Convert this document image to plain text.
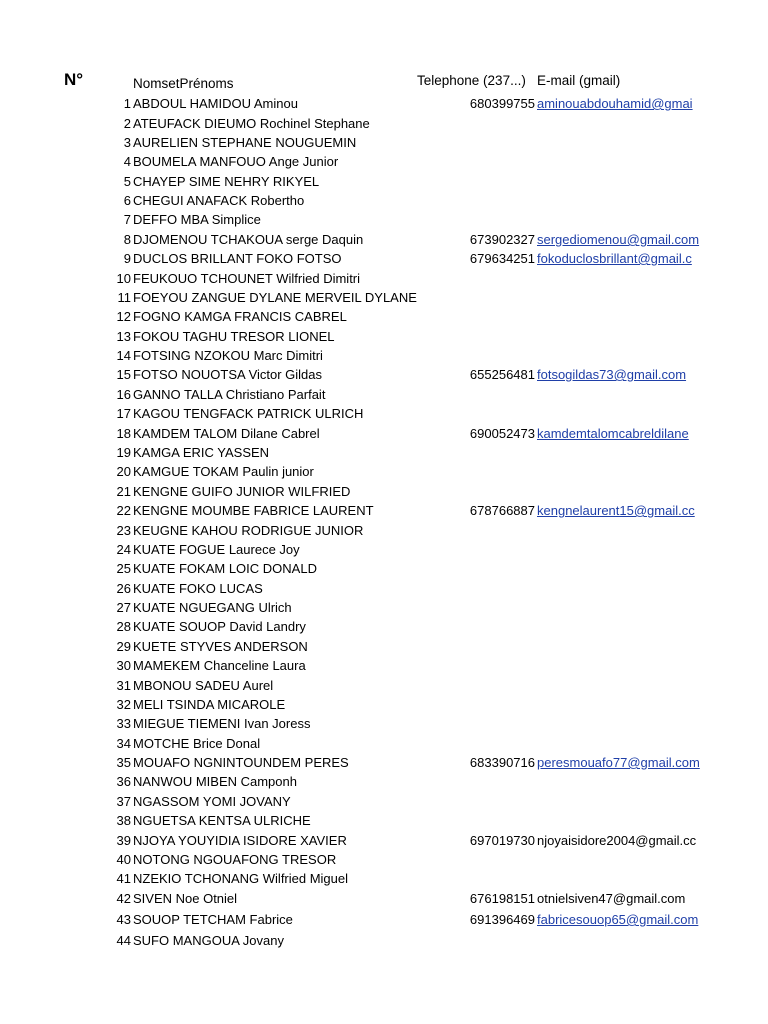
N°	NomsetPrénoms	Telephone (237...) E-mail (gmail)
1 ABDOUL HAMIDOU Aminou	680399755 aminouabdouhamid@gmai
2 ATEUFACK DIEUMO Rochinel Stephane
3 AURELIEN STEPHANE NOUGUEMIN
4 BOUMELA MANFOUO Ange Junior
5 CHAYEP SIME NEHRY RIKYEL
6 CHEGUI ANAFACK Robertho
7 DEFFO MBA Simplice
8 DJOMENOU TCHAKOUA serge Daquin	673902327 sergediomenou@gmail.com
9 DUCLOS BRILLANT FOKO FOTSO	679634251 fokoduclosbrillant@gmail.c
10 FEUKOUO TCHOUNET Wilfried Dimitri
11 FOEYOU ZANGUE DYLANE MERVEIL DYLANE
12 FOGNO KAMGA FRANCIS CABREL
13 FOKOU TAGHU TRESOR LIONEL
14 FOTSING NZOKOU Marc Dimitri
15 FOTSO NOUOTSA Victor Gildas	655256481 fotsogildas73@gmail.com
16 GANNO TALLA Christiano Parfait
17 KAGOU TENGFACK PATRICK ULRICH
18 KAMDEM TALOM Dilane Cabrel	690052473 kamdemtalomcabreldilane
19 KAMGA ERIC YASSEN
20 KAMGUE TOKAM Paulin junior
21 KENGNE GUIFO JUNIOR WILFRIED
22 KENGNE MOUMBE FABRICE LAURENT	678766887 kengnelaurent15@gmail.cc
23 KEUGNE KAHOU RODRIGUE JUNIOR
24 KUATE FOGUE Laurece Joy
25 KUATE FOKAM LOIC DONALD
26 KUATE FOKO LUCAS
27 KUATE NGUEGANG Ulrich
28 KUATE SOUOP David Landry
29 KUETE STYVES ANDERSON
30 MAMEKEM Chanceline Laura
31 MBONOU SADEU Aurel
32 MELI TSINDA MICAROLE
33 MIEGUE TIEMENI Ivan Joress
34 MOTCHE Brice Donal
35 MOUAFO NGNINTOUNDEM PERES	683390716 peresmouafo77@gmail.com
36 NANWOU MIBEN Camponh
37 NGASSOM YOMI JOVANY
38 NGUETSA KENTSA ULRICHE
39 NJOYA YOUYIDIA ISIDORE XAVIER	697019730 njoyaisidore2004@gmail.cc
40 NOTONG NGOUAFONG TRESOR
41 NZEKIO TCHONANG Wilfried Miguel
42 SIVEN Noe Otniel	676198151 otnielsiven47@gmail.com
43 SOUOP TETCHAM Fabrice	691396469 fabricesouop65@gmail.com
44 SUFO MANGOUA Jovany
